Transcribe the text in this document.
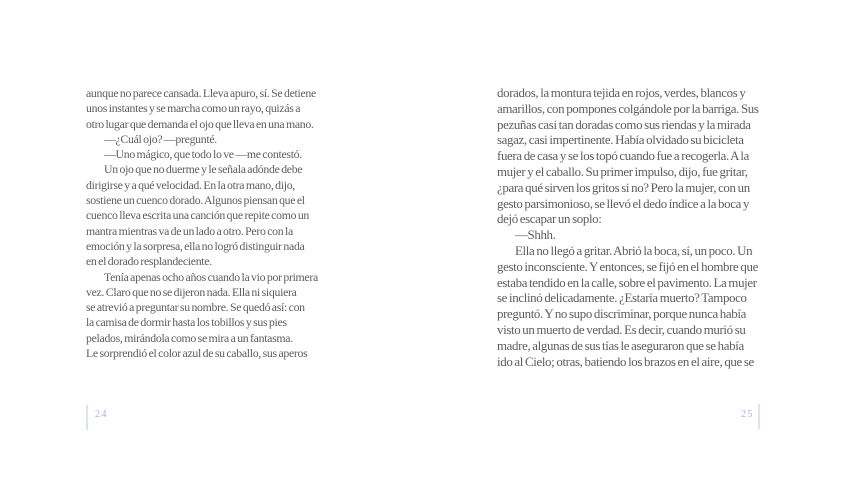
aunque no parece cansada. Lleva apuro, sí. Se detiene
unos instantes y se marcha como un rayo, quizás a
otro lugar que demanda el ojo que lleva en una mano.
—¿Cuál ojo? —pregunté.
—Uno mágico, que todo lo ve —me contestó.
Un ojo que no duerme y le señala adónde debe
dirigirse y a qué velocidad. En la otra mano, dijo,
sostiene un cuenco dorado. Algunos piensan que el
cuenco lleva escrita una canción que repite como un
mantra mientras va de un lado a otro. Pero con la
emoción y la sorpresa, ella no logró distinguir nada
en el dorado resplandeciente.
Tenía apenas ocho años cuando la vio por primera
vez. Claro que no se dijeron nada. Ella ni siquiera
se atrevió a preguntar su nombre. Se quedó así: con
la camisa de dormir hasta los tobillos y sus pies
pelados, mirándola como se mira a un fantasma.
Le sorprendió el color azul de su caballo, sus aperos
24
dorados, la montura tejida en rojos, verdes, blancos y
amarillos, con pompones colgándole por la barriga. Sus
pezuñas casi tan doradas como sus riendas y la mirada
sagaz, casi impertinente. Había olvidado su bicicleta
fuera de casa y se los topó cuando fue a recogerla. A la
mujer y el caballo. Su primer impulso, dijo, fue gritar,
¿para qué sirven los gritos si no? Pero la mujer, con un
gesto parsimonioso, se llevó el dedo índice a la boca y
dejó escapar un soplo:
—Shhh.
Ella no llegó a gritar. Abrió la boca, sí, un poco. Un
gesto inconsciente. Y entonces, se fijó en el hombre que
estaba tendido en la calle, sobre el pavimento. La mujer
se inclinó delicadamente. ¿Estaría muerto? Tampoco
preguntó. Y no supo discriminar, porque nunca había
visto un muerto de verdad. Es decir, cuando murió su
madre, algunas de sus tías le aseguraron que se había
ido al Cielo; otras, batiendo los brazos en el aire, que se
25
